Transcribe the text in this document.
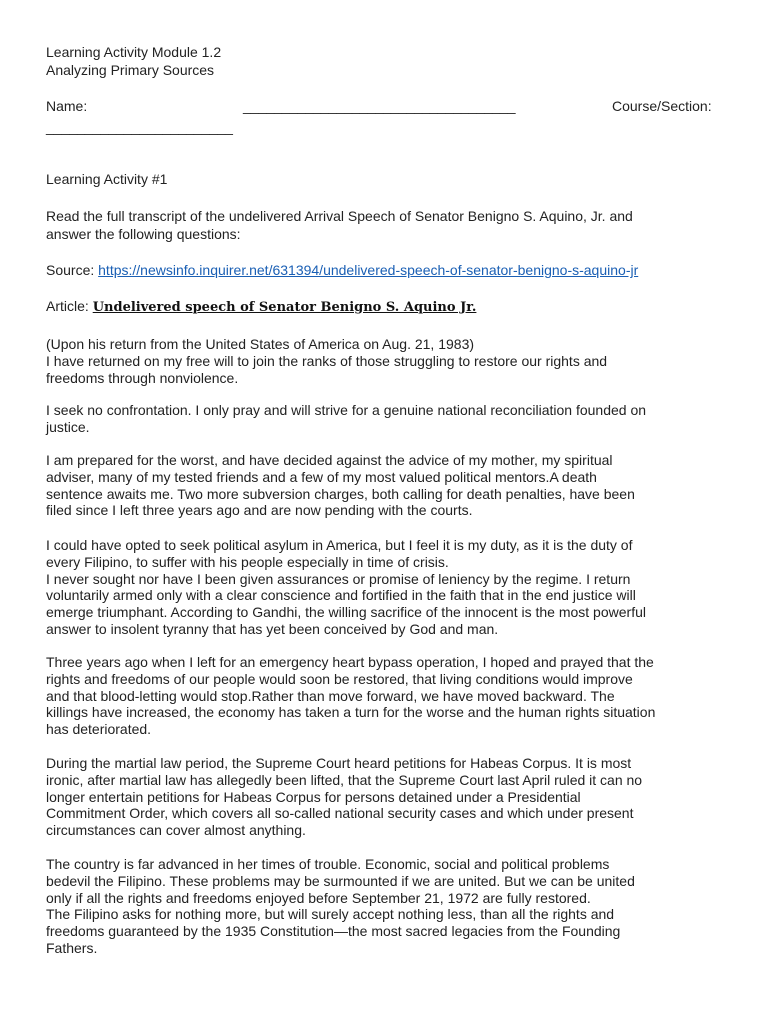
Learning Activity Module 1.2
Analyzing Primary Sources
Name:	___________________________________	Course/Section:
________________________
Learning Activity #1
Read the full transcript of the undelivered Arrival Speech of Senator Benigno S. Aquino, Jr. and
answer the following questions:
Source: https://newsinfo.inquirer.net/631394/undelivered-speech-of-senator-benigno-s-aquino-jr
Article: Undelivered speech of Senator Benigno S. Aquino Jr.
(Upon his return from the United States of America on Aug. 21, 1983)
I have returned on my free will to join the ranks of those struggling to restore our rights and
freedoms through nonviolence.
I seek no confrontation. I only pray and will strive for a genuine national reconciliation founded on
justice.
I am prepared for the worst, and have decided against the advice of my mother, my spiritual
adviser, many of my tested friends and a few of my most valued political mentors.A death
sentence awaits me. Two more subversion charges, both calling for death penalties, have been
filed since I left three years ago and are now pending with the courts.
I could have opted to seek political asylum in America, but I feel it is my duty, as it is the duty of
every Filipino, to suffer with his people especially in time of crisis.
I never sought nor have I been given assurances or promise of leniency by the regime. I return
voluntarily armed only with a clear conscience and fortified in the faith that in the end justice will
emerge triumphant. According to Gandhi, the willing sacrifice of the innocent is the most powerful
answer to insolent tyranny that has yet been conceived by God and man.
Three years ago when I left for an emergency heart bypass operation, I hoped and prayed that the
rights and freedoms of our people would soon be restored, that living conditions would improve
and that blood-letting would stop.Rather than move forward, we have moved backward. The
killings have increased, the economy has taken a turn for the worse and the human rights situation
has deteriorated.
During the martial law period, the Supreme Court heard petitions for Habeas Corpus. It is most
ironic, after martial law has allegedly been lifted, that the Supreme Court last April ruled it can no
longer entertain petitions for Habeas Corpus for persons detained under a Presidential
Commitment Order, which covers all so-called national security cases and which under present
circumstances can cover almost anything.
The country is far advanced in her times of trouble. Economic, social and political problems
bedevil the Filipino. These problems may be surmounted if we are united. But we can be united
only if all the rights and freedoms enjoyed before September 21, 1972 are fully restored.
The Filipino asks for nothing more, but will surely accept nothing less, than all the rights and
freedoms guaranteed by the 1935 Constitution—the most sacred legacies from the Founding
Fathers.
